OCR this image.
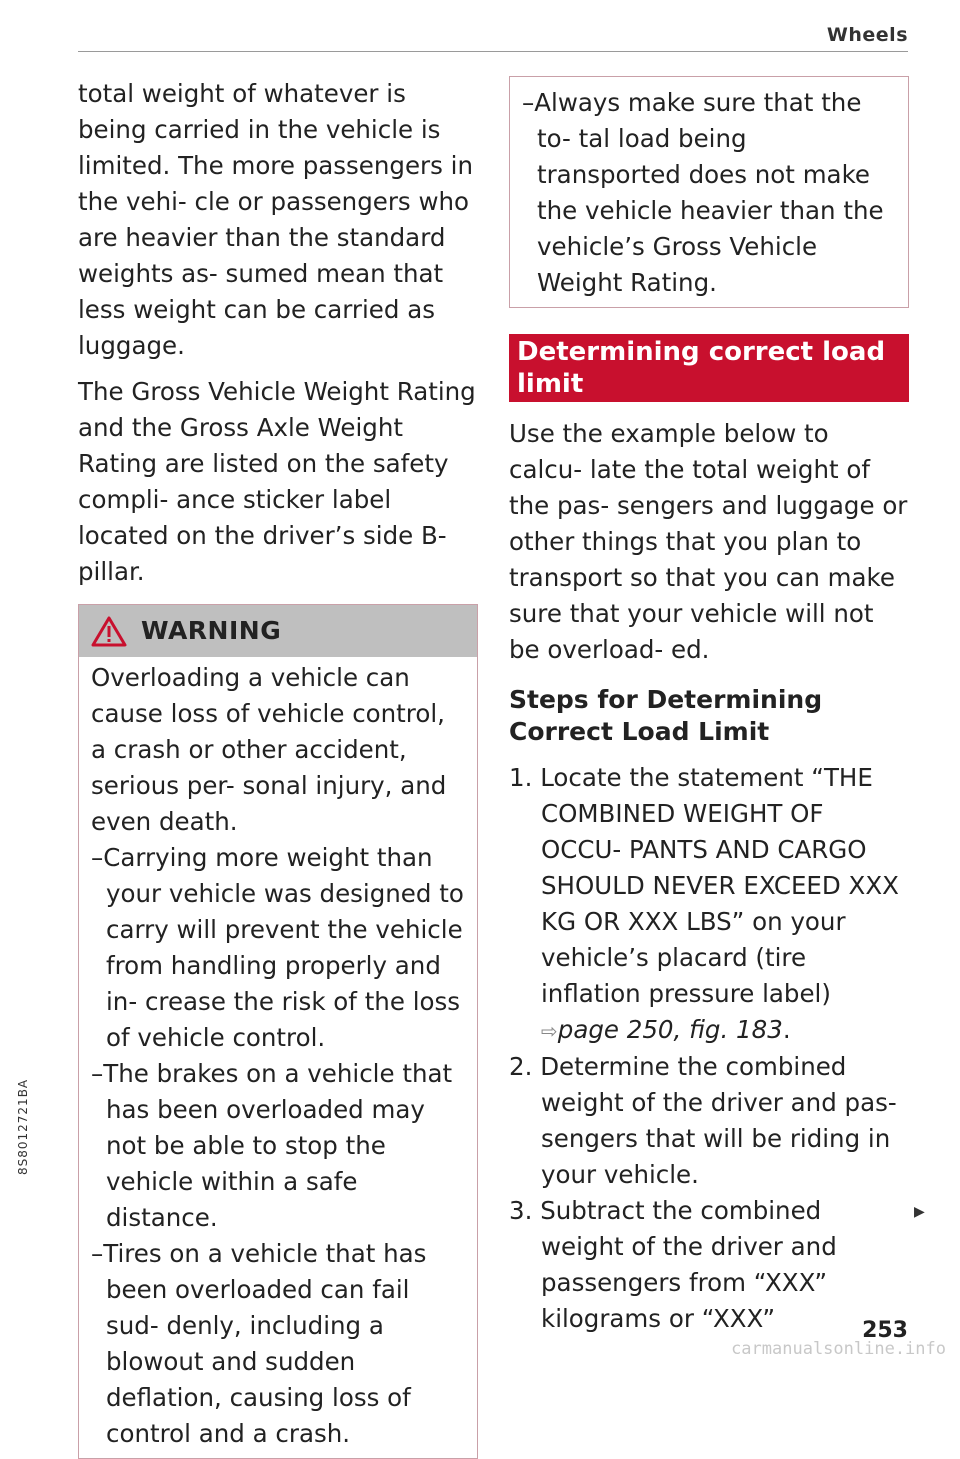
Wheels
8S8012721BA

total weight of whatever is being carried in the vehicle is limited. The more passengers in the vehi- cle or passengers who are heavier than the standard weights as- sumed mean that less weight can be carried as luggage.

The Gross Vehicle Weight Rating and the Gross Axle Weight Rating are listed on the safety compli- ance sticker label located on the driver’s side B-pillar.

WARNING

Overloading a vehicle can cause loss of vehicle control, a crash or other accident, serious per- sonal injury, and even death.

–Carrying more weight than your vehicle was designed to carry will prevent the vehicle from handling properly and in- crease the risk of the loss of vehicle control.

–The brakes on a vehicle that has been overloaded may not be able to stop the vehicle within a safe distance.

–Tires on a vehicle that has been overloaded can fail sud- denly, including a blowout and sudden deflation, causing loss of control and a crash.

–Always make sure that the to- tal load being transported does not make the vehicle heavier than the vehicle’s Gross Vehicle Weight Rating.

Determining correct load limit

Use the example below to calcu- late the total weight of the pas- sengers and luggage or other things that you plan to transport so that you can make sure that your vehicle will not be overload- ed.

Steps for Determining Correct Load Limit
1. Locate the statement “THE COMBINED WEIGHT OF OCCU- PANTS AND CARGO SHOULD NEVER EXCEED XXX KG OR XXX LBS” on your vehicle’s placard (tire inflation pressure label) ⇨page 250, fig. 183.
2. Determine the combined weight of the driver and pas- sengers that will be riding in your vehicle.
3. Subtract the combined weight of the driver and passengers from “XXX” kilograms or “XXX”
▶
253
carmanualsonline.info
